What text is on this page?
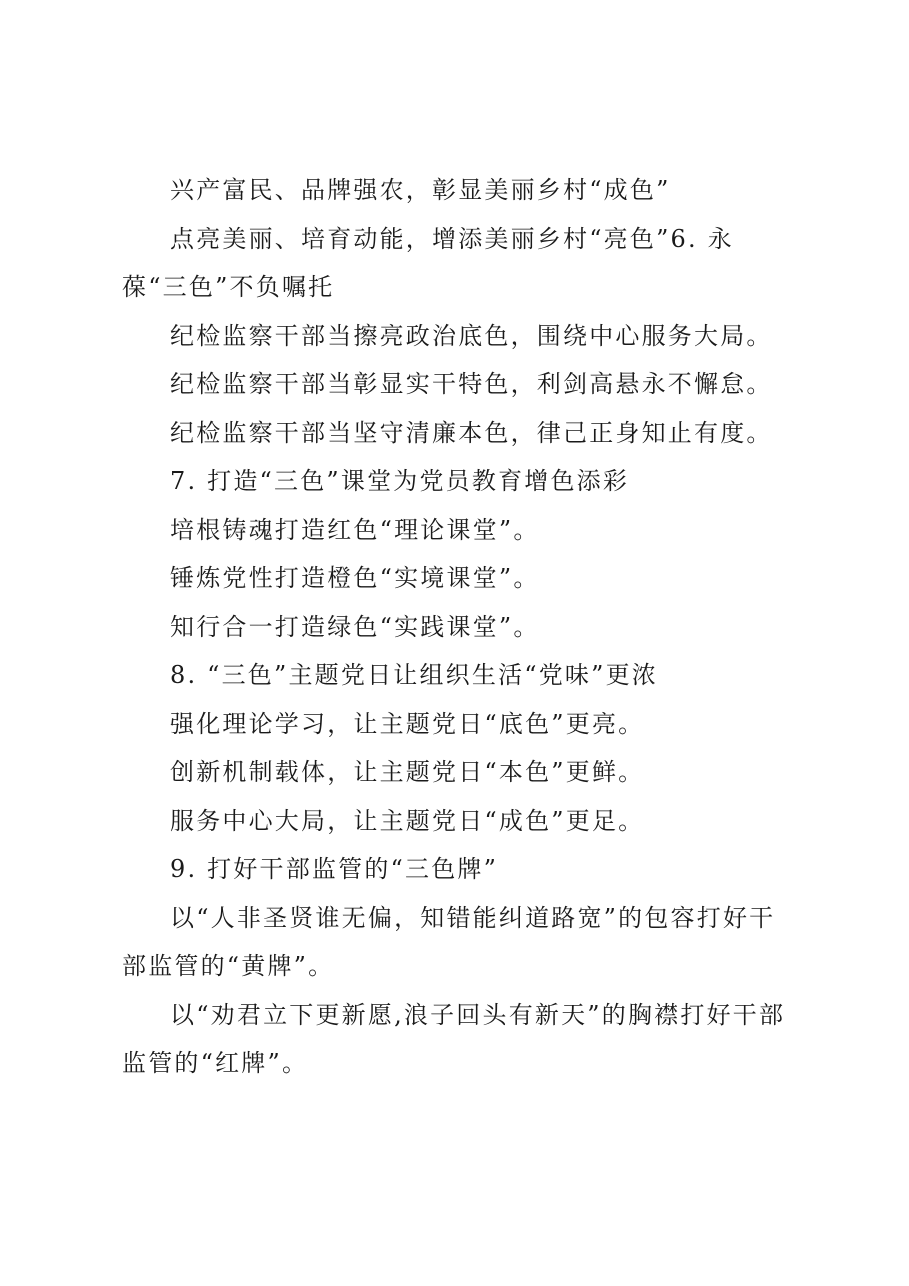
兴产富民、品牌强农，彰显美丽乡村“成色”

点亮美丽、培育动能，增添美丽乡村“亮色”6. 永葆“三色”不负嘱托

纪检监察干部当擦亮政治底色，围绕中心服务大局。

纪检监察干部当彰显实干特色，利剑高悬永不懈怠。

纪检监察干部当坚守清廉本色，律己正身知止有度。

7. 打造“三色”课堂为党员教育增色添彩

培根铸魂打造红色“理论课堂”。

锤炼党性打造橙色“实境课堂”。

知行合一打造绿色“实践课堂”。

8. “三色”主题党日让组织生活“党味”更浓

强化理论学习，让主题党日“底色”更亮。

创新机制载体，让主题党日“本色”更鲜。

服务中心大局，让主题党日“成色”更足。

9. 打好干部监管的“三色牌”

以“人非圣贤谁无偏，知错能纠道路宽”的包容打好干部监管的“黄牌”。

以“劝君立下更新愿,浪子回头有新天”的胸襟打好干部监管的“红牌”。
